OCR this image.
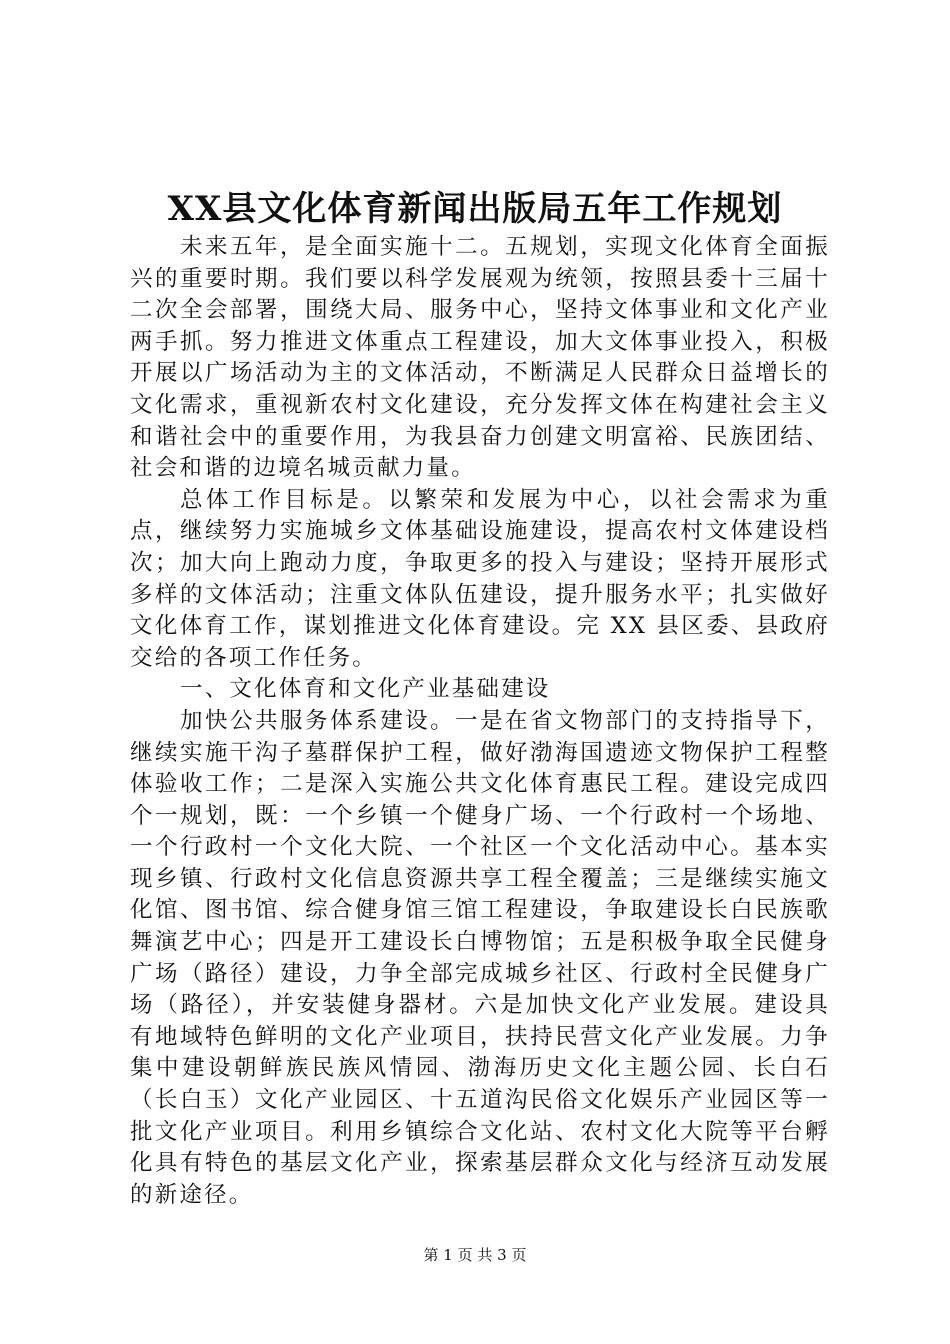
XX县文化体育新闻出版局五年工作规划

未来五年，是全面实施十二。五规划，实现文化体育全面振兴的重要时期。我们要以科学发展观为统领，按照县委十三届十二次全会部署，围绕大局、服务中心，坚持文体事业和文化产业两手抓。努力推进文体重点工程建设，加大文体事业投入，积极开展以广场活动为主的文体活动，不断满足人民群众日益增长的文化需求，重视新农村文化建设，充分发挥文体在构建社会主义和谐社会中的重要作用，为我县奋力创建文明富裕、民族团结、社会和谐的边境名城贡献力量。

总体工作目标是。以繁荣和发展为中心，以社会需求为重点，继续努力实施城乡文体基础设施建设，提高农村文体建设档次；加大向上跑动力度，争取更多的投入与建设；坚持开展形式多样的文体活动；注重文体队伍建设，提升服务水平；扎实做好文化体育工作，谋划推进文化体育建设。完 XX 县区委、县政府交给的各项工作任务。

一、文化体育和文化产业基础建设

加快公共服务体系建设。一是在省文物部门的支持指导下，继续实施干沟子墓群保护工程，做好渤海国遗迹文物保护工程整体验收工作；二是深入实施公共文化体育惠民工程。建设完成四个一规划，既：一个乡镇一个健身广场、一个行政村一个场地、一个行政村一个文化大院、一个社区一个文化活动中心。基本实现乡镇、行政村文化信息资源共享工程全覆盖；三是继续实施文化馆、图书馆、综合健身馆三馆工程建设，争取建设长白民族歌舞演艺中心；四是开工建设长白博物馆；五是积极争取全民健身广场（路径）建设，力争全部完成城乡社区、行政村全民健身广场（路径），并安装健身器材。六是加快文化产业发展。建设具有地域特色鲜明的文化产业项目，扶持民营文化产业发展。力争集中建设朝鲜族民族风情园、渤海历史文化主题公园、长白石（长白玉）文化产业园区、十五道沟民俗文化娱乐产业园区等一批文化产业项目。利用乡镇综合文化站、农村文化大院等平台孵化具有特色的基层文化产业，探索基层群众文化与经济互动发展的新途径。

第 1 页 共 3 页
